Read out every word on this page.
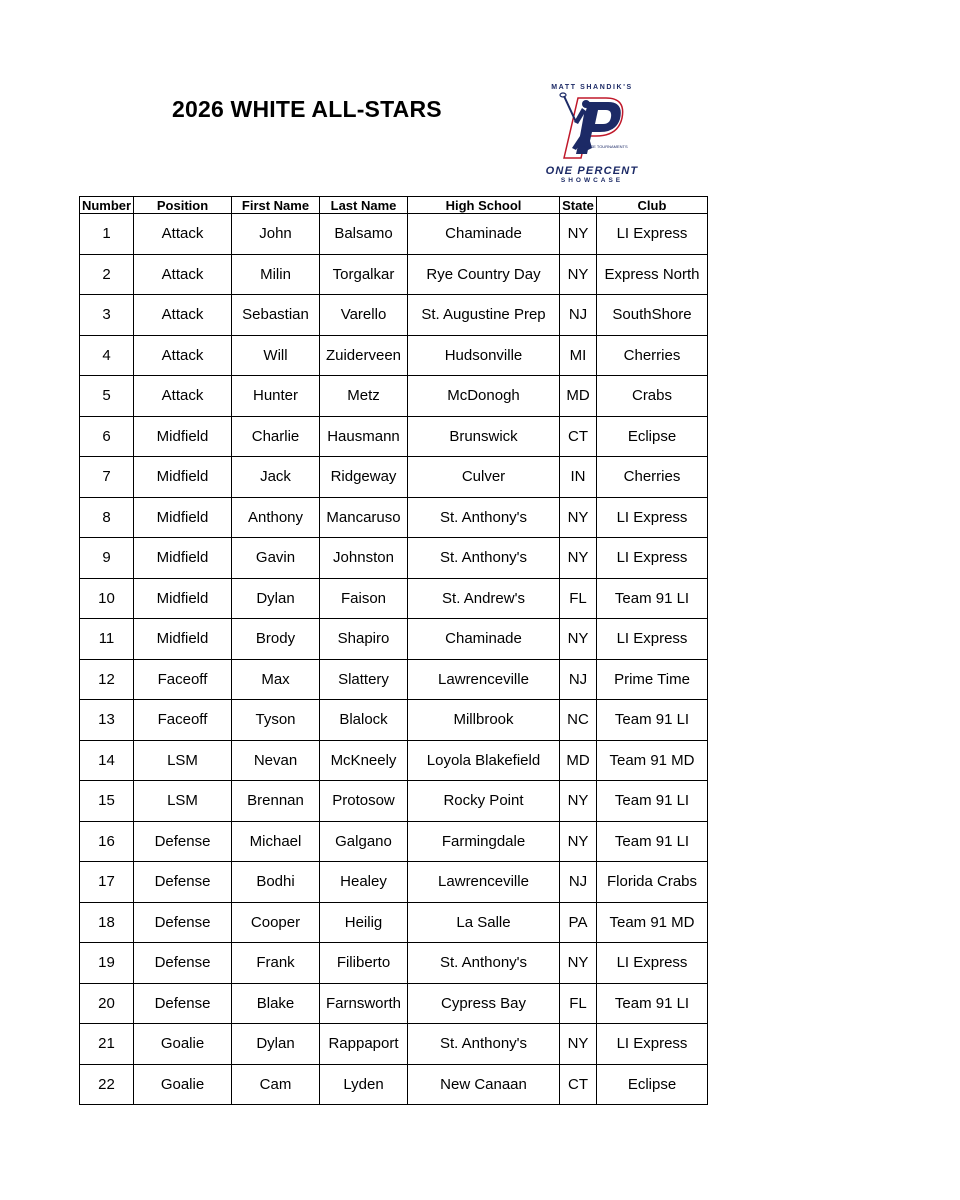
2026 WHITE ALL-STARS
MATT SHANDIK'S
LACROSSE TOURNAMENTS
ONE PERCENT
SHOWCASE
Number	Position	First Name	Last Name	High School	State	Club
1	Attack	John	Balsamo	Chaminade	NY	LI Express
2	Attack	Milin	Torgalkar	Rye Country Day	NY	Express North
3	Attack	Sebastian	Varello	St. Augustine Prep	NJ	SouthShore
4	Attack	Will	Zuiderveen	Hudsonville	MI	Cherries
5	Attack	Hunter	Metz	McDonogh	MD	Crabs
6	Midfield	Charlie	Hausmann	Brunswick	CT	Eclipse
7	Midfield	Jack	Ridgeway	Culver	IN	Cherries
8	Midfield	Anthony	Mancaruso	St. Anthony's	NY	LI Express
9	Midfield	Gavin	Johnston	St. Anthony's	NY	LI Express
10	Midfield	Dylan	Faison	St. Andrew's	FL	Team 91 LI
11	Midfield	Brody	Shapiro	Chaminade	NY	LI Express
12	Faceoff	Max	Slattery	Lawrenceville	NJ	Prime Time
13	Faceoff	Tyson	Blalock	Millbrook	NC	Team 91 LI
14	LSM	Nevan	McKneely	Loyola Blakefield	MD	Team 91 MD
15	LSM	Brennan	Protosow	Rocky Point	NY	Team 91 LI
16	Defense	Michael	Galgano	Farmingdale	NY	Team 91 LI
17	Defense	Bodhi	Healey	Lawrenceville	NJ	Florida Crabs
18	Defense	Cooper	Heilig	La Salle	PA	Team 91 MD
19	Defense	Frank	Filiberto	St. Anthony's	NY	LI Express
20	Defense	Blake	Farnsworth	Cypress Bay	FL	Team 91 LI
21	Goalie	Dylan	Rappaport	St. Anthony's	NY	LI Express
22	Goalie	Cam	Lyden	New Canaan	CT	Eclipse
